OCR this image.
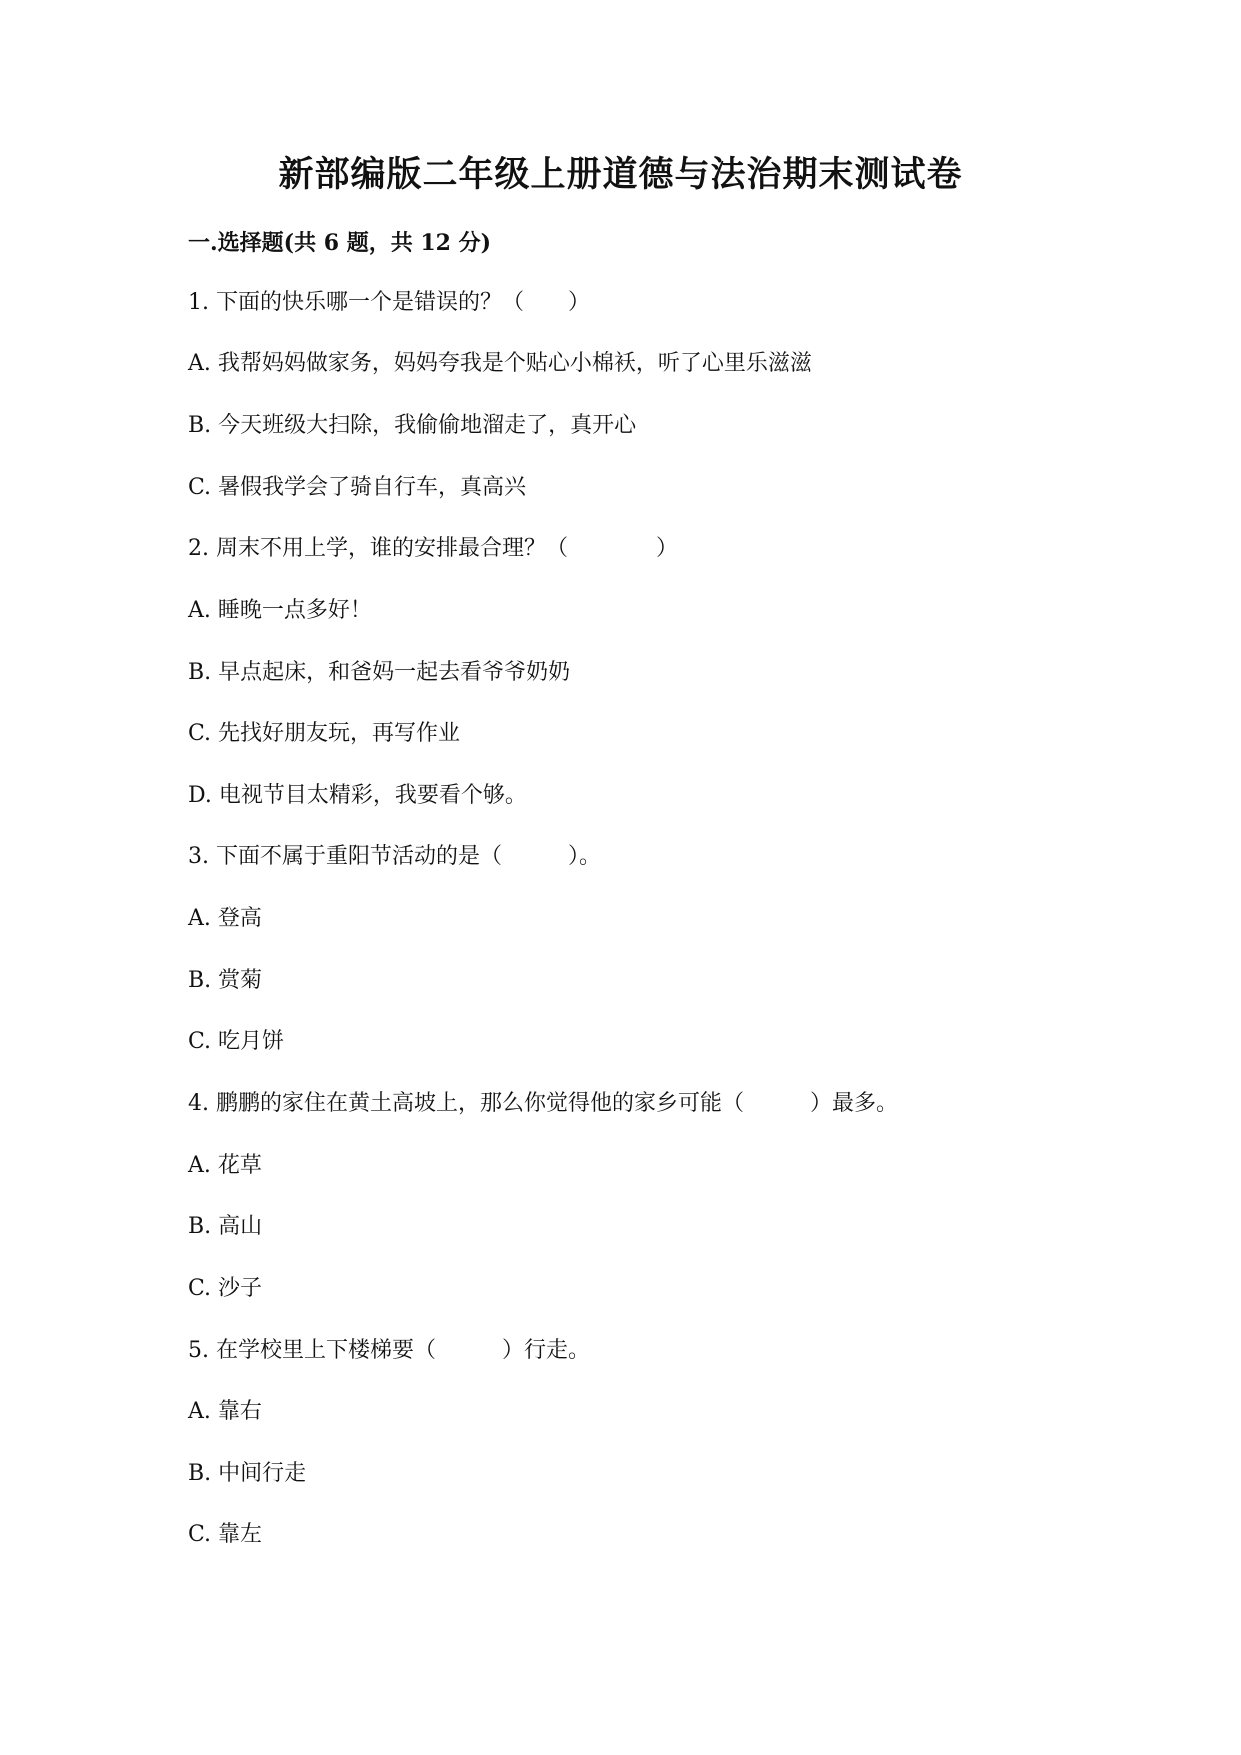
新部编版二年级上册道德与法治期末测试卷
一.选择题(共 6 题，共 12 分)
1. 下面的快乐哪一个是错误的？（　　）
A. 我帮妈妈做家务，妈妈夸我是个贴心小棉袄，听了心里乐滋滋
B. 今天班级大扫除，我偷偷地溜走了，真开心
C. 暑假我学会了骑自行车，真高兴
2. 周末不用上学，谁的安排最合理？（　　　　）
A. 睡晚一点多好！
B. 早点起床，和爸妈一起去看爷爷奶奶
C. 先找好朋友玩，再写作业
D. 电视节目太精彩，我要看个够。
3. 下面不属于重阳节活动的是（　　　）。
A. 登高
B. 赏菊
C. 吃月饼
4. 鹏鹏的家住在黄土高坡上，那么你觉得他的家乡可能（　　　）最多。
A. 花草
B. 高山
C. 沙子
5. 在学校里上下楼梯要（　　　）行走。
A. 靠右
B. 中间行走
C. 靠左
